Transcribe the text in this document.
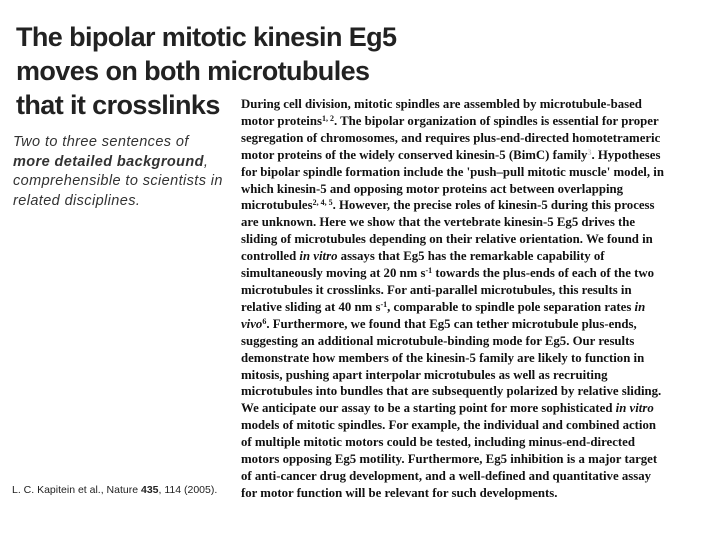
The bipolar mitotic kinesin Eg5
moves on both microtubules
that it crosslinks
Two to three sentences of more detailed background, comprehensible to scientists in related disciplines.
L. C. Kapitein et al., Nature 435, 114 (2005).
During cell division, mitotic spindles are assembled by microtubule-based
motor proteins$^{1, 2}$. The bipolar organization of spindles is essential for proper
segregation of chromosomes, and requires plus-end-directed homotetrameric
motor proteins of the widely conserved kinesin-5 (BimC) family$^3$. Hypotheses
for bipolar spindle formation include the 'push–pull mitotic muscle' model, in
which kinesin-5 and opposing motor proteins act between overlapping
microtubules$^{2, 4, 5}$. However, the precise roles of kinesin-5 during this process
are unknown. Here we show that the vertebrate kinesin-5 Eg5 drives the
sliding of microtubules depending on their relative orientation. We found in
controlled in vitro assays that Eg5 has the remarkable capability of
simultaneously moving at 20 nm $s^{-1}$ towards the plus-ends of each of the two
microtubules it crosslinks. For anti-parallel microtubules, this results in
relative sliding at 40 nm $s^{-1}$, comparable to spindle pole separation rates in
vivo$^6$. Furthermore, we found that Eg5 can tether microtubule plus-ends,
suggesting an additional microtubule-binding mode for Eg5. Our results
demonstrate how members of the kinesin-5 family are likely to function in
mitosis, pushing apart interpolar microtubules as well as recruiting
microtubules into bundles that are subsequently polarized by relative sliding.
We anticipate our assay to be a starting point for more sophisticated in vitro
models of mitotic spindles. For example, the individual and combined action
of multiple mitotic motors could be tested, including minus-end-directed
motors opposing Eg5 motility. Furthermore, Eg5 inhibition is a major target
of anti-cancer drug development, and a well-defined and quantitative assay
for motor function will be relevant for such developments.
